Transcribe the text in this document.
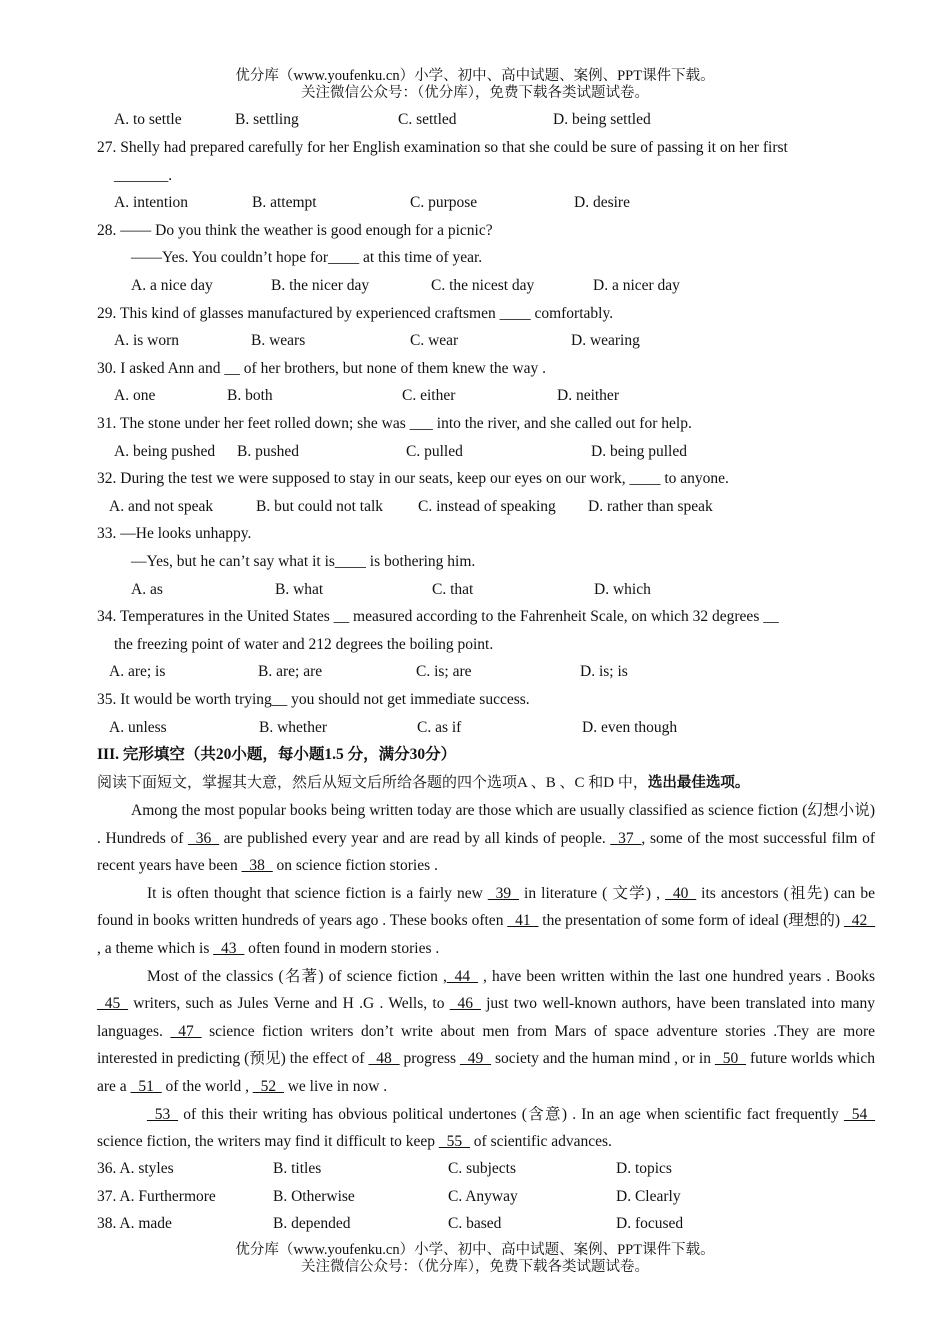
优分库（www.youfenku.cn）小学、初中、高中试题、案例、PPT课件下载。
关注微信公众号：（优分库），免费下载各类试题试卷。
A. to settle	B. settling	C. settled	D. being settled
27. Shelly had prepared carefully for her English examination so that she could be sure of passing it on her first
_______.
A. intention	B. attempt	C. purpose	D. desire
28. —— Do you think the weather is good enough for a picnic?
——Yes. You couldn’t hope for____ at this time of year.
A. a nice day	B. the nicer day	C. the nicest day	D. a nicer day
29. This kind of glasses manufactured by experienced craftsmen ____ comfortably.
A. is worn	B. wears	C. wear	D. wearing
30. I asked Ann and __ of her brothers, but none of them knew the way .
A. one	B. both	C. either	D. neither
31. The stone under her feet rolled down; she was ___ into the river, and she called out for help.
A. being pushed B. pushed	C. pulled	D. being pulled
32. During the test we were supposed to stay in our seats, keep our eyes on our work, ____ to anyone.
A. and not speak	B. but could not talk C. instead of speaking D. rather than speak
33. —He looks unhappy.
—Yes, but he can’t say what it is____ is bothering him.
A. as	B. what	C. that	D. which
34. Temperatures in the United States __ measured according to the Fahrenheit Scale, on which 32 degrees __
the freezing point of water and 212 degrees the boiling point.
A. are; is	B. are; are	C. is; are	D. is; is
35. It would be worth trying__ you should not get immediate success.
A. unless	B. whether	C. as if	D. even though
III. 完形填空（共20小题，每小题1.5 分，满分30分）
阅读下面短文，掌握其大意，然后从短文后所给各题的四个选项A 、B 、C 和D 中，选出最佳选项。

Among the most popular books being written today are those which are usually classified as science fiction (幻想小说) . Hundreds of _36_ are published every year and are read by all kinds of people. _37_, some of the most successful film of recent years have been _38_ on science fiction stories .

It is often thought that science fiction is a fairly new _39_ in literature ( 文学) , _40_ its ancestors (祖先) can be found in books written hundreds of years ago . These books often _41_ the presentation of some form of ideal (理想的) _42_ , a theme which is _43_ often found in modern stories .

Most of the classics (名著) of science fiction ,_44_ , have been written within the last one hundred years . Books _45_ writers, such as Jules Verne and H .G . Wells, to _46_ just two well-known authors, have been translated into many languages. _47_ science fiction writers don’t write about men from Mars of space adventure stories .They are more interested in predicting (预见) the effect of _48_ progress _49_ society and the human mind , or in _50_ future worlds which are a _51_ of the world , _52_ we live in now .

_53_ of this their writing has obvious political undertones (含意) . In an age when scientific fact frequently _54_ science fiction, the writers may find it difficult to keep _55_ of scientific advances.

36. A. styles	B. titles	C. subjects	D. topics
37. A. Furthermore	B. Otherwise	C. Anyway	D. Clearly
38. A. made	B. depended	C. based	D. focused
优分库（www.youfenku.cn）小学、初中、高中试题、案例、PPT课件下载。
关注微信公众号：（优分库），免费下载各类试题试卷。
